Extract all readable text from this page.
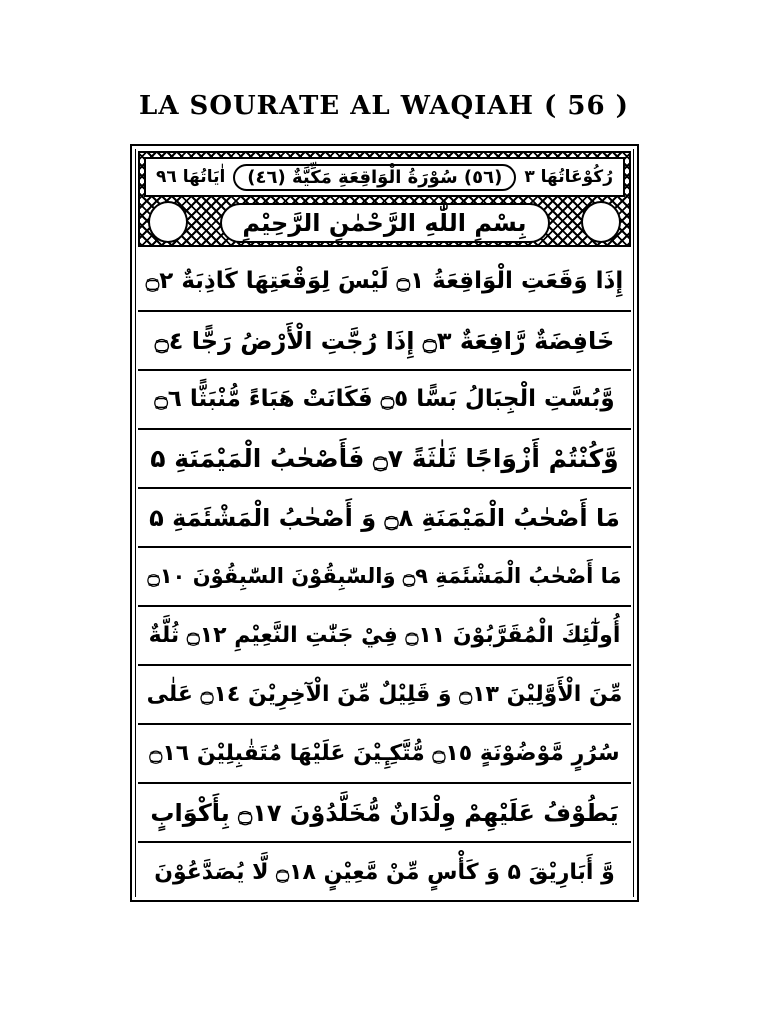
LA SOURATE AL WAQIAH ( 56 )
رُكُوْعَاتُهَا ٣
(٥٦) سُوْرَةُ الْوَاقِعَةِ مَكِّيَّةٌ (٤٦)
اٰيَاتُهَا ٩٦
بِسْمِ اللّٰهِ الرَّحْمٰنِ الرَّحِيْمِ
إِذَا وَقَعَتِ الْوَاقِعَةُ ۝١ لَيْسَ لِوَقْعَتِهَا كَاذِبَةٌ ۝٢
خَافِضَةٌ رَّافِعَةٌ ۝٣ إِذَا رُجَّتِ الْأَرْضُ رَجًّا ۝٤
وَّبُسَّتِ الْجِبَالُ بَسًّا ۝٥ فَكَانَتْ هَبَاءً مُّنْبَثًّا ۝٦
وَّكُنْتُمْ أَزْوَاجًا ثَلٰثَةً ۝٧ فَأَصْحٰبُ الْمَيْمَنَةِ ۵
مَا أَصْحٰبُ الْمَيْمَنَةِ ۝٨ وَ أَصْحٰبُ الْمَشْئَمَةِ ۵
مَا أَصْحٰبُ الْمَشْئَمَةِ ۝٩ وَالسّٰبِقُوْنَ السّٰبِقُوْنَ ۝١٠
أُولٰٓئِكَ الْمُقَرَّبُوْنَ ۝١١ فِيْ جَنّٰتِ النَّعِيْمِ ۝١٢ ثُلَّةٌ
مِّنَ الْأَوَّلِيْنَ ۝١٣ وَ قَلِيْلٌ مِّنَ الْآخِرِيْنَ ۝١٤ عَلٰى
سُرُرٍ مَّوْضُوْنَةٍ ۝١٥ مُّتَّكِـِٕيْنَ عَلَيْهَا مُتَقٰبِلِيْنَ ۝١٦
يَطُوْفُ عَلَيْهِمْ وِلْدَانٌ مُّخَلَّدُوْنَ ۝١٧ بِأَكْوَابٍ
وَّ أَبَارِيْقَ ۵ وَ كَأْسٍ مِّنْ مَّعِيْنٍ ۝١٨ لَّا يُصَدَّعُوْنَ
